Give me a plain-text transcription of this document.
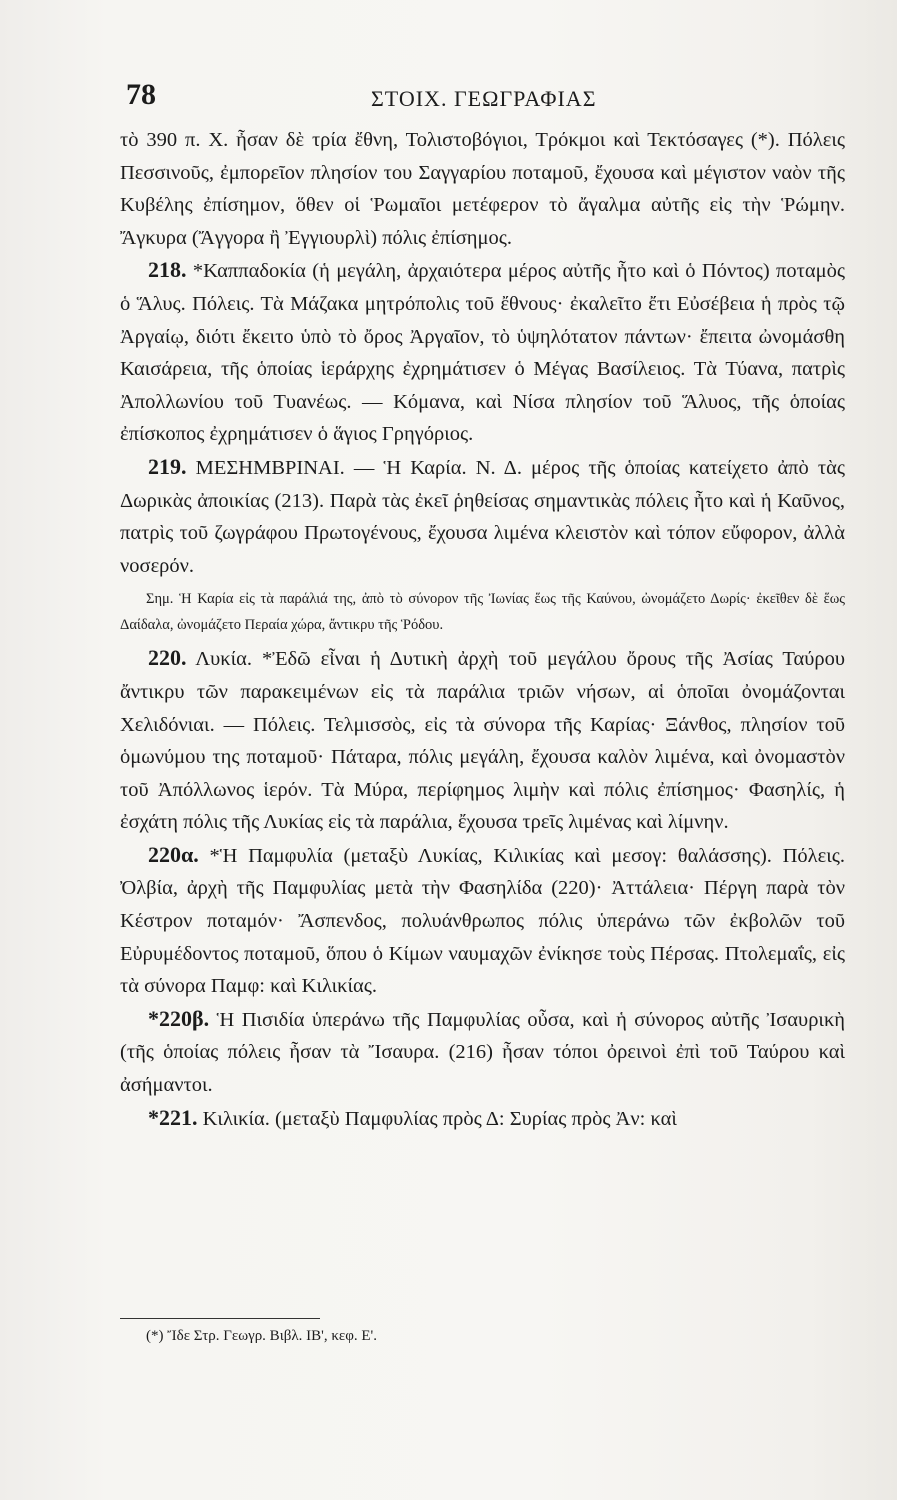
78	ΣΤΟΙΧ. ΓΕΩΓΡΑΦΙΑΣ

τὸ 390 π. Χ. ἦσαν δὲ τρία ἔθνη, Τολιστοβόγιοι, Τρόκμοι καὶ Τεκτόσαγες (*). Πόλεις Πεσσινοῦς, ἐμπορεῖον πλησίον του Σαγγαρίου ποταμοῦ, ἔχουσα καὶ μέγιστον ναὸν τῆς Κυβέλης ἐπίσημον, ὅθεν οἱ Ῥωμαῖοι μετέφερον τὸ ἄγαλμα αὐτῆς εἰς τὴν Ῥώμην. Ἄγκυρα (Ἄγγορα ἢ Ἐγγιουρλὶ) πόλις ἐπίσημος.

218. *Καππαδοκία (ἡ μεγάλη, ἀρχαιότερα μέρος αὐτῆς ἦτο καὶ ὁ Πόντος) ποταμὸς ὁ Ἅλυς. Πόλεις. Τὰ Μάζακα μητρόπολις τοῦ ἔθνους· ἐκαλεῖτο ἔτι Εὐσέβεια ἡ πρὸς τῷ Ἀργαίῳ, διότι ἔκειτο ὑπὸ τὸ ὄρος Ἀργαῖον, τὸ ὑψηλότατον πάντων· ἔπειτα ὠνομάσθη Καισάρεια, τῆς ὁποίας ἱεράρχης ἐχρημάτισεν ὁ Μέγας Βασίλειος. Τὰ Τύανα, πατρὶς Ἀπολλωνίου τοῦ Τυανέως. — Κόμανα, καὶ Νίσα πλησίον τοῦ Ἅλυος, τῆς ὁποίας ἐπίσκοπος ἐχρημάτισεν ὁ ἅγιος Γρηγόριος.

219. ΜΕΣΗΜΒΡΙΝΑΙ. — Ἡ Καρία. Ν. Δ. μέρος τῆς ὁποίας κατείχετο ἀπὸ τὰς Δωρικὰς ἀποικίας (213). Παρὰ τὰς ἐκεῖ ῥηθείσας σημαντικὰς πόλεις ἦτο καὶ ἡ Καῦνος, πατρὶς τοῦ ζωγράφου Πρωτογένους, ἔχουσα λιμένα κλειστὸν καὶ τόπον εὔφορον, ἀλλὰ νοσερόν.

Σημ. Ἡ Καρία εἰς τὰ παράλιά της, ἀπὸ τὸ σύνορον τῆς Ἰωνίας ἕως τῆς Καύνου, ὠνομάζετο Δωρίς· ἐκεῖθεν δὲ ἕως Δαίδαλα, ὠνομάζετο Περαία χώρα, ἄντικρυ τῆς Ῥόδου.

220. Λυκία. *Ἐδῶ εἶναι ἡ Δυτικὴ ἀρχὴ τοῦ μεγάλου ὄρους τῆς Ἀσίας Ταύρου ἄντικρυ τῶν παρακειμένων εἰς τὰ παράλια τριῶν νήσων, αἱ ὁποῖαι ὀνομάζονται Χελιδόνιαι. — Πόλεις. Τελμισσὸς, εἰς τὰ σύνορα τῆς Καρίας· Ξάνθος, πλησίον τοῦ ὁμωνύμου της ποταμοῦ· Πάταρα, πόλις μεγάλη, ἔχουσα καλὸν λιμένα, καὶ ὀνομαστὸν τοῦ Ἀπόλλωνος ἱερόν. Τὰ Μύρα, περίφημος λιμὴν καὶ πόλις ἐπίσημος· Φασηλίς, ἡ ἐσχάτη πόλις τῆς Λυκίας εἰς τὰ παράλια, ἔχουσα τρεῖς λιμένας καὶ λίμνην.

220α. *Ἡ Παμφυλία (μεταξὺ Λυκίας, Κιλικίας καὶ μεσογ: θαλάσσης). Πόλεις. Ὀλβία, ἀρχὴ τῆς Παμφυλίας μετὰ τὴν Φασηλίδα (220)· Ἀττάλεια· Πέργη παρὰ τὸν Κέστρον ποταμόν· Ἄσπενδος, πολυάνθρωπος πόλις ὑπεράνω τῶν ἐκβολῶν τοῦ Εὐρυμέδοντος ποταμοῦ, ὅπου ὁ Κίμων ναυμαχῶν ἐνίκησε τοὺς Πέρσας. Πτολεμαΐς, εἰς τὰ σύνορα Παμφ: καὶ Κιλικίας.

*220β. Ἡ Πισιδία ὑπεράνω τῆς Παμφυλίας οὖσα, καὶ ἡ σύνορος αὐτῆς Ἰσαυρικὴ (τῆς ὁποίας πόλεις ἦσαν τὰ Ἴσαυρα. (216) ἦσαν τόποι ὀρεινοὶ ἐπὶ τοῦ Ταύρου καὶ ἀσήμαντοι.

*221. Κιλικία. (μεταξὺ Παμφυλίας πρὸς Δ: Συρίας πρὸς Ἀν: καὶ

(*) Ἴδε Στρ. Γεωγρ. Βιβλ. ΙΒ', κεφ. Ε'.
